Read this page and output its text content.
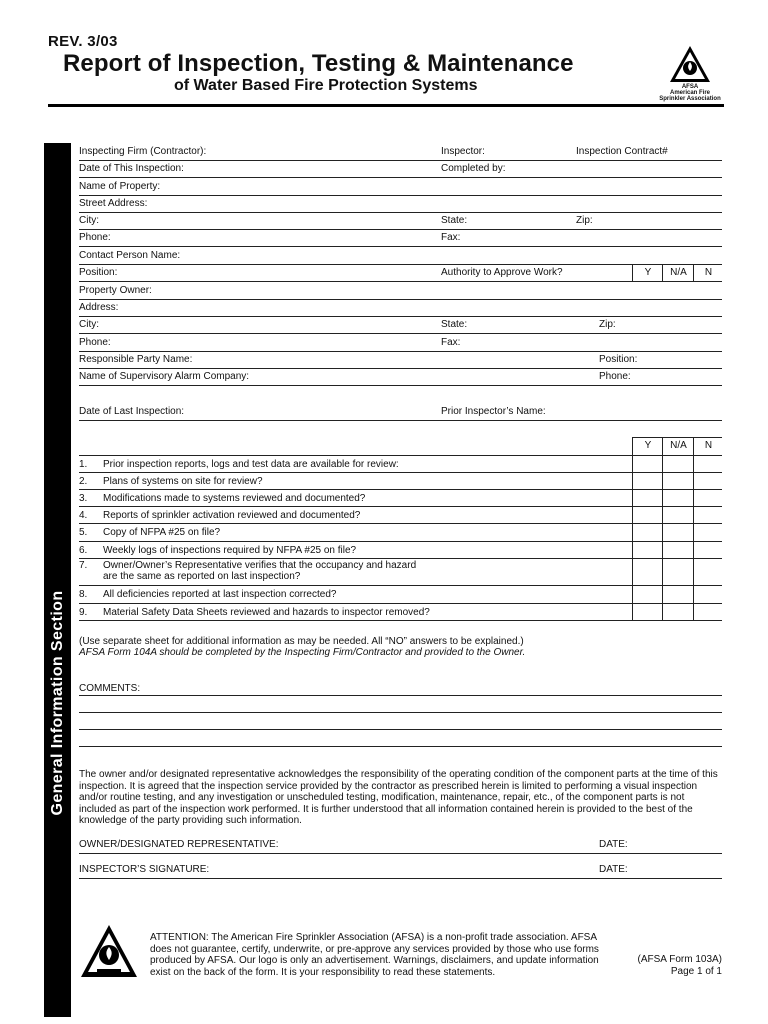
REV. 3/03
Report of Inspection, Testing & Maintenance
of Water Based Fire Protection Systems	AFSA
American Fire
Sprinkler Association
General Information Section
Inspecting Firm (Contractor):	Inspector:	Inspection Contract#
Date of This Inspection:	Completed by:
Name of Property:
Street Address:
City:	State:	Zip:
Phone:	Fax:
Contact Person Name:
Position:	Authority to Approve Work?	Y	N/A	N
Property Owner:
Address:
City:	State:	Zip:
Phone:	Fax:
Responsible Party Name:	Position:
Name of Supervisory Alarm Company:	Phone:
Date of Last Inspection:	Prior Inspector’s Name:
Y	N/A	N
1. Prior inspection reports, logs and test data are available for review:
2. Plans of systems on site for review?
3. Modifications made to systems reviewed and documented?
4. Reports of sprinkler activation reviewed and documented?
5. Copy of NFPA #25 on file?
6. Weekly logs of inspections required by NFPA #25 on file?
7. Owner/Owner’s Representative verifies that the occupancy and hazard
are the same as reported on last inspection?
8. All deficiencies reported at last inspection corrected?
9. Material Safety Data Sheets reviewed and hazards to inspector removed?
(Use separate sheet for additional information as may be needed. All “NO” answers to be explained.)
AFSA Form 104A should be completed by the Inspecting Firm/Contractor and provided to the Owner.
COMMENTS:
The owner and/or designated representative acknowledges the responsibility of the operating condition of the component parts at the time of this inspection. It is agreed that the inspection service provided by the contractor as prescribed herein is limited to performing a visual inspection and/or routine testing, and any investigation or unscheduled testing, modification, maintenance, repair, etc., of the component parts is not included as part of the inspection work performed. It is further understood that all information contained herein is provided to the best of the knowledge of the party providing such information.
OWNER/DESIGNATED REPRESENTATIVE:	DATE:
INSPECTOR’S SIGNATURE:	DATE:
ATTENTION: The American Fire Sprinkler Association (AFSA) is a non-profit trade association. AFSA does not guarantee, certify, underwrite, or pre-approve any services provided by those who use forms produced by AFSA. Our logo is only an advertisement. Warnings, disclaimers, and update information exist on the back of the form. It is your responsibility to read these statements.
(AFSA Form 103A)
Page 1 of 1
